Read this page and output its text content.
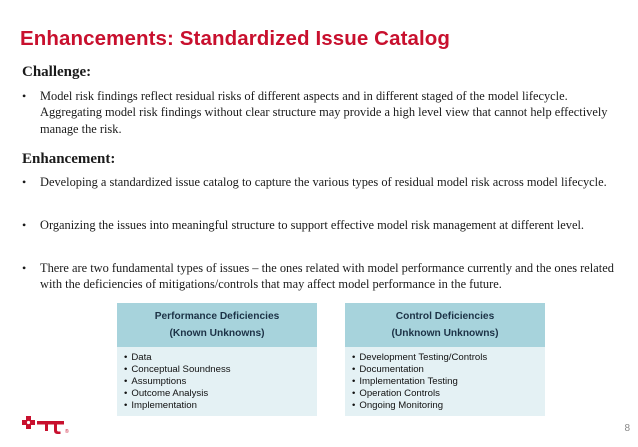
Enhancements: Standardized Issue Catalog
Challenge:
•	Model risk findings reflect residual risks of different aspects and in different staged of the model lifecycle. Aggregating model risk findings without clear structure may provide a high level view that cannot help effectively manage the risk.
Enhancement:
•	Developing a standardized issue catalog to capture the various types of residual model risk across model lifecycle.
•	Organizing the issues into meaningful structure to support effective model risk management at different level.
•	There are two fundamental types of issues – the ones related with model performance currently and the ones related with the deficiencies of mitigations/controls that may affect model performance in the future.
Performance Deficiencies
(Known Unknowns)
• Data
• Conceptual Soundness
• Assumptions
• Outcome Analysis
• Implementation
Control Deficiencies
(Unknown Unknowns)
• Development Testing/Controls
• Documentation
• Implementation Testing
• Operation Controls
• Ongoing Monitoring
®	8
